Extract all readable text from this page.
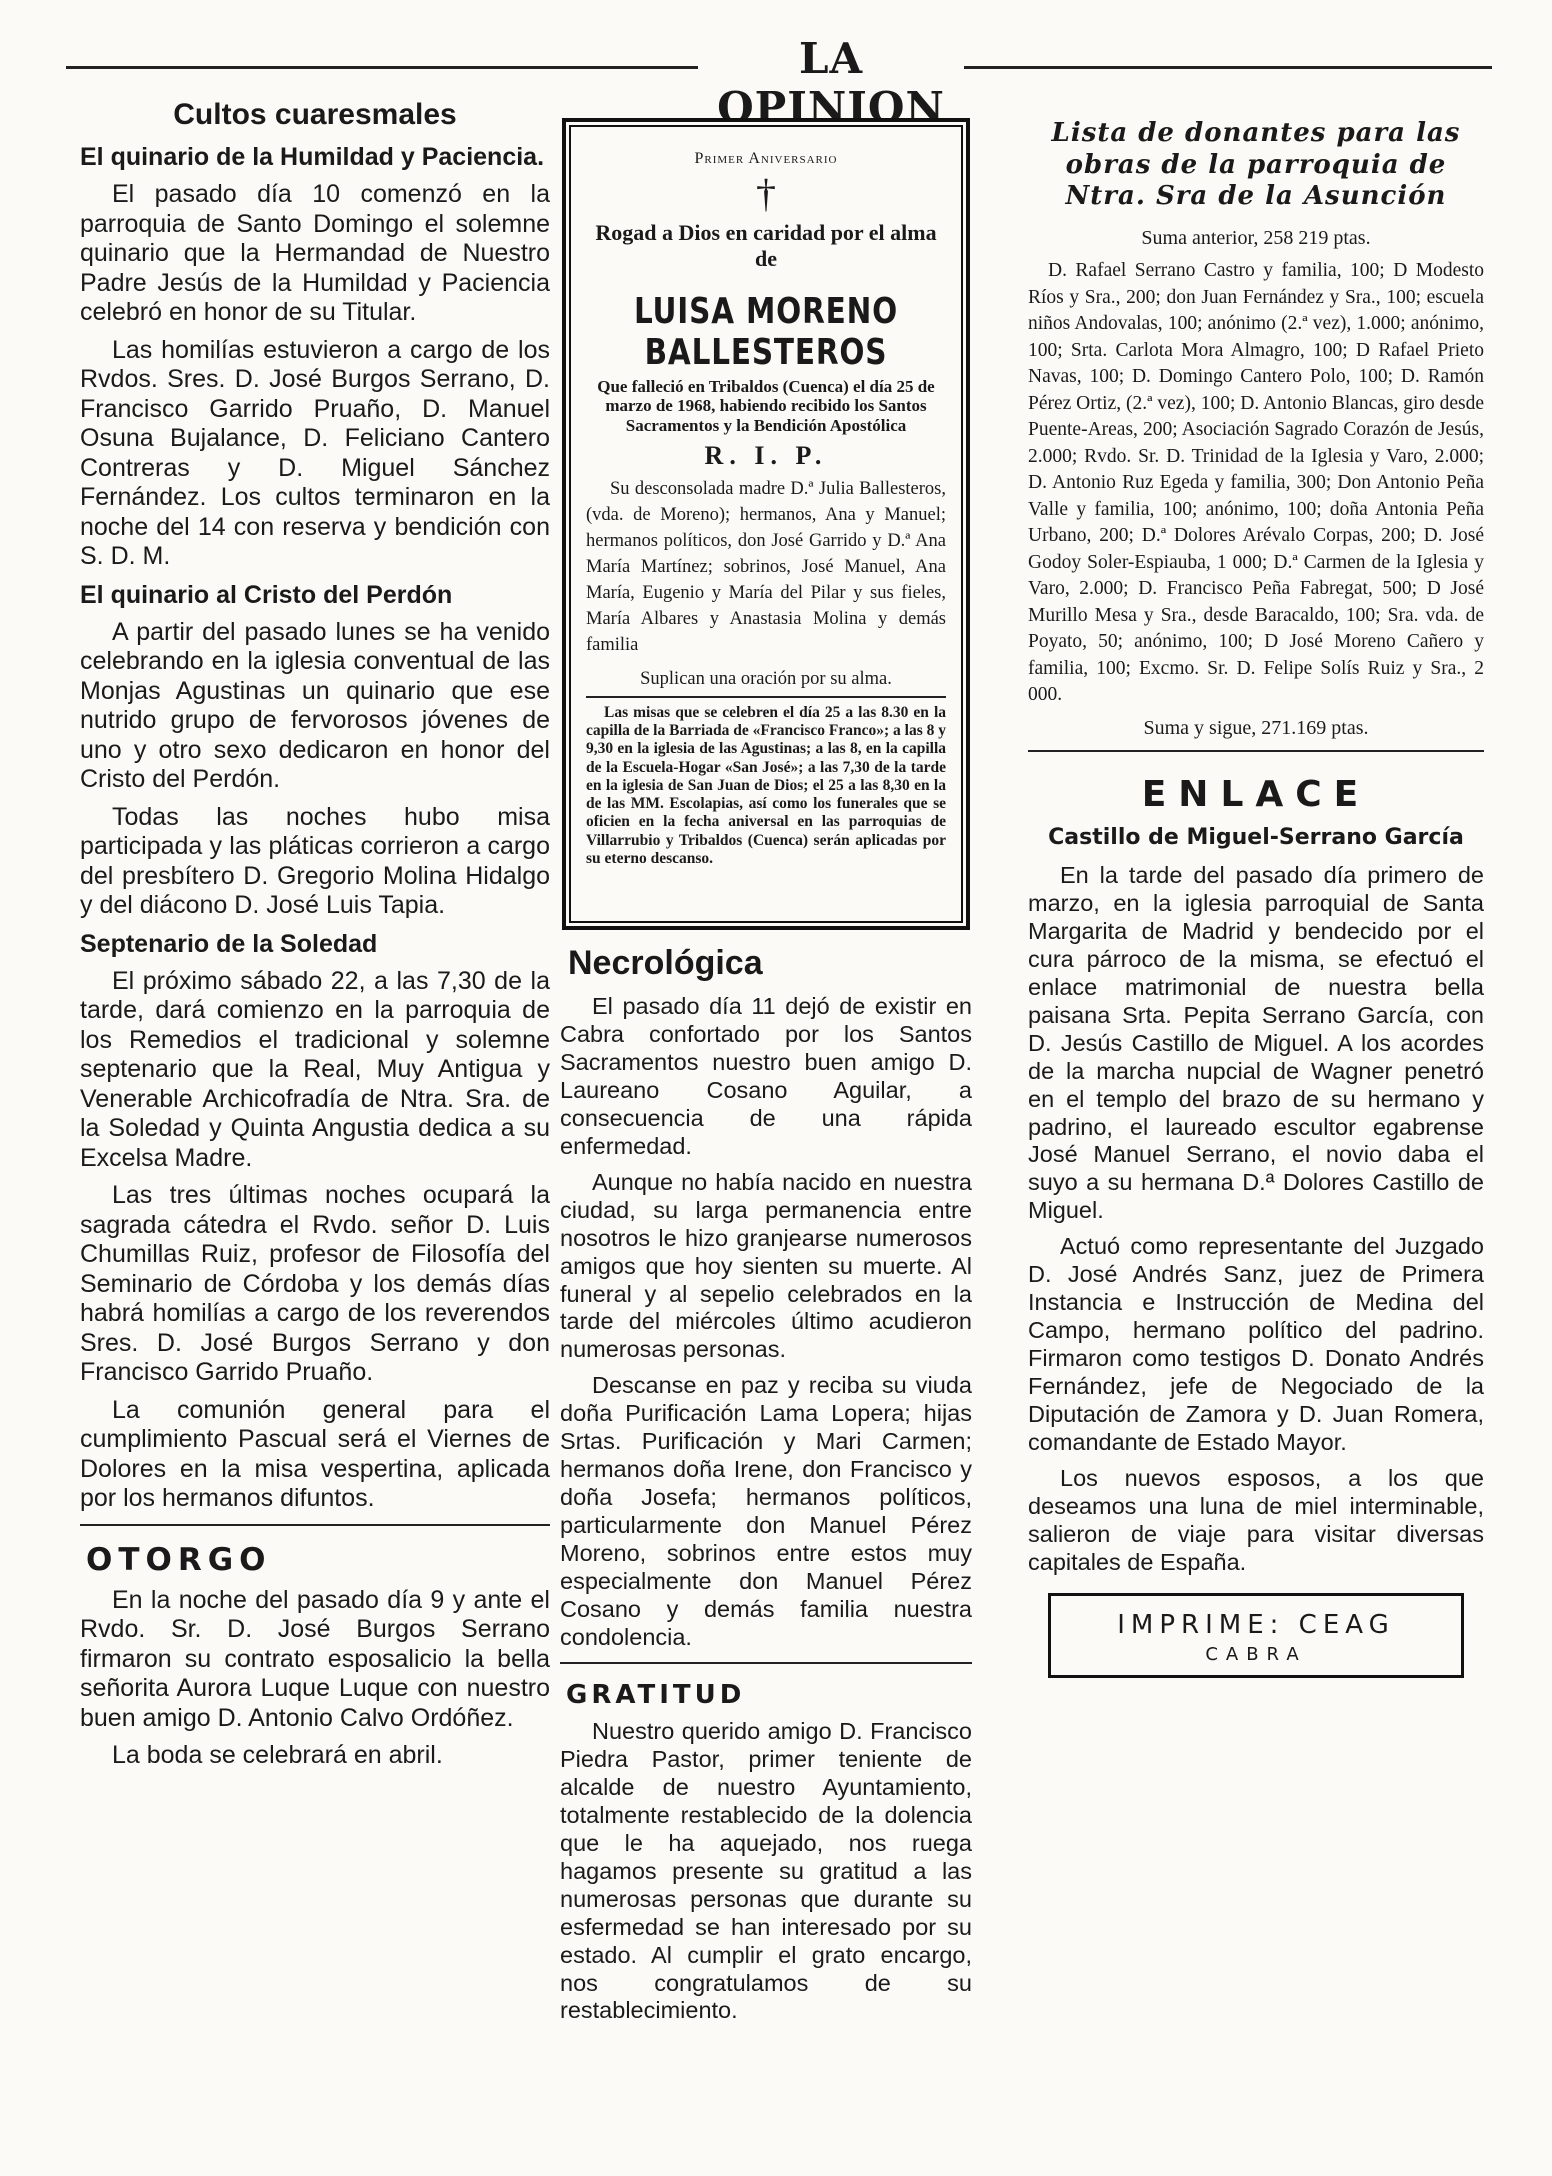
LA OPINION
Cultos cuaresmales
El quinario de la Humildad y Paciencia.

El pasado día 10 comenzó en la parroquia de Santo Domingo el solemne quinario que la Hermandad de Nuestro Padre Jesús de la Humildad y Paciencia celebró en honor de su Titular.

Las homilías estuvieron a cargo de los Rvdos. Sres. D. José Burgos Serrano, D. Francisco Garrido Pruaño, D. Manuel Osuna Bujalance, D. Feliciano Cantero Contreras y D. Miguel Sánchez Fernández. Los cultos terminaron en la noche del 14 con reserva y bendición con S. D. M.

El quinario al Cristo del Perdón

A partir del pasado lunes se ha venido celebrando en la iglesia conventual de las Monjas Agustinas un quinario que ese nutrido grupo de fervorosos jóvenes de uno y otro sexo dedicaron en honor del Cristo del Perdón.

Todas las noches hubo misa participada y las pláticas corrieron a cargo del presbítero D. Gregorio Molina Hidalgo y del diácono D. José Luis Tapia.

Septenario de la Soledad

El próximo sábado 22, a las 7,30 de la tarde, dará comienzo en la parroquia de los Remedios el tradicional y solemne septenario que la Real, Muy Antigua y Venerable Archicofradía de Ntra. Sra. de la Soledad y Quinta Angustia dedica a su Excelsa Madre.

Las tres últimas noches ocupará la sagrada cátedra el Rvdo. señor D. Luis Chumillas Ruiz, profesor de Filosofía del Seminario de Córdoba y los demás días habrá homilías a cargo de los reverendos Sres. D. José Burgos Serrano y don Francisco Garrido Pruaño.

La comunión general para el cumplimiento Pascual será el Viernes de Dolores en la misa vespertina, aplicada por los hermanos difuntos.

OTORGO

En la noche del pasado día 9 y ante el Rvdo. Sr. D. José Burgos Serrano firmaron su contrato esposalicio la bella señorita Aurora Luque Luque con nuestro buen amigo D. Antonio Calvo Ordóñez.

La boda se celebrará en abril.

Primer Aniversario
†
Rogad a Dios en caridad por el alma de
LUISA MORENO BALLESTEROS
Que falleció en Tribaldos (Cuenca) el día 25 de marzo de 1968, habiendo recibido los Santos Sacramentos y la Bendición Apostólica
R. I. P.
Su desconsolada madre D.ª Julia Ballesteros, (vda. de Moreno); hermanos, Ana y Manuel; hermanos políticos, don José Garrido y D.ª Ana María Martínez; sobrinos, José Manuel, Ana María, Eugenio y María del Pilar y sus fieles, María Albares y Anastasia Molina y demás familia
Suplican una oración por su alma.
Las misas que se celebren el día 25 a las 8.30 en la capilla de la Barriada de «Francisco Franco»; a las 8 y 9,30 en la iglesia de las Agustinas; a las 8, en la capilla de la Escuela-Hogar «San José»; a las 7,30 de la tarde en la iglesia de San Juan de Dios; el 25 a las 8,30 en la de las MM. Escolapias, así como los funerales que se oficien en la fecha aniversal en las parroquias de Villarrubio y Tribaldos (Cuenca) serán aplicadas por su eterno descanso.
Necrológica

El pasado día 11 dejó de existir en Cabra confortado por los Santos Sacramentos nuestro buen amigo D. Laureano Cosano Aguilar, a consecuencia de una rápida enfermedad.

Aunque no había nacido en nuestra ciudad, su larga permanencia entre nosotros le hizo granjearse numerosos amigos que hoy sienten su muerte. Al funeral y al sepelio celebrados en la tarde del miércoles último acudieron numerosas personas.

Descanse en paz y reciba su viuda doña Purificación Lama Lopera; hijas Srtas. Purificación y Mari Carmen; hermanos doña Irene, don Francisco y doña Josefa; hermanos políticos, particularmente don Manuel Pérez Moreno, sobrinos entre estos muy especialmente don Manuel Pérez Cosano y demás familia nuestra condolencia.

GRATITUD

Nuestro querido amigo D. Francisco Piedra Pastor, primer teniente de alcalde de nuestro Ayuntamiento, totalmente restablecido de la dolencia que le ha aquejado, nos ruega hagamos presente su gratitud a las numerosas personas que durante su esfermedad se han interesado por su estado. Al cumplir el grato encargo, nos congratulamos de su restablecimiento.

Lista de donantes para las obras de la parroquia de Ntra. Sra de la Asunción
Suma anterior, 258 219 ptas.

D. Rafael Serrano Castro y familia, 100; D Modesto Ríos y Sra., 200; don Juan Fernández y Sra., 100; escuela niños Andovalas, 100; anónimo (2.ª vez), 1.000; anónimo, 100; Srta. Carlota Mora Almagro, 100; D Rafael Prieto Navas, 100; D. Domingo Cantero Polo, 100; D. Ramón Pérez Ortiz, (2.ª vez), 100; D. Antonio Blancas, giro desde Puente-Areas, 200; Asociación Sagrado Corazón de Jesús, 2.000; Rvdo. Sr. D. Trinidad de la Iglesia y Varo, 2.000; D. Antonio Ruz Egeda y familia, 300; Don Antonio Peña Valle y familia, 100; anónimo, 100; doña Antonia Peña Urbano, 200; D.ª Dolores Arévalo Corpas, 200; D. José Godoy Soler-Espiauba, 1 000; D.ª Carmen de la Iglesia y Varo, 2.000; D. Francisco Peña Fabregat, 500; D José Murillo Mesa y Sra., desde Baracaldo, 100; Sra. vda. de Poyato, 50; anónimo, 100; D José Moreno Cañero y familia, 100; Excmo. Sr. D. Felipe Solís Ruiz y Sra., 2 000.

Suma y sigue, 271.169 ptas.
ENLACE
Castillo de Miguel-Serrano García

En la tarde del pasado día primero de marzo, en la iglesia parroquial de Santa Margarita de Madrid y bendecido por el cura párroco de la misma, se efectuó el enlace matrimonial de nuestra bella paisana Srta. Pepita Serrano García, con D. Jesús Castillo de Miguel. A los acordes de la marcha nupcial de Wagner penetró en el templo del brazo de su hermano y padrino, el laureado escultor egabrense José Manuel Serrano, el novio daba el suyo a su hermana D.ª Dolores Castillo de Miguel.

Actuó como representante del Juzgado D. José Andrés Sanz, juez de Primera Instancia e Instrucción de Medina del Campo, hermano político del padrino. Firmaron como testigos D. Donato Andrés Fernández, jefe de Negociado de la Diputación de Zamora y D. Juan Romera, comandante de Estado Mayor.

Los nuevos esposos, a los que deseamos una luna de miel interminable, salieron de viaje para visitar diversas capitales de España.

IMPRIME: CEAG
CABRA
